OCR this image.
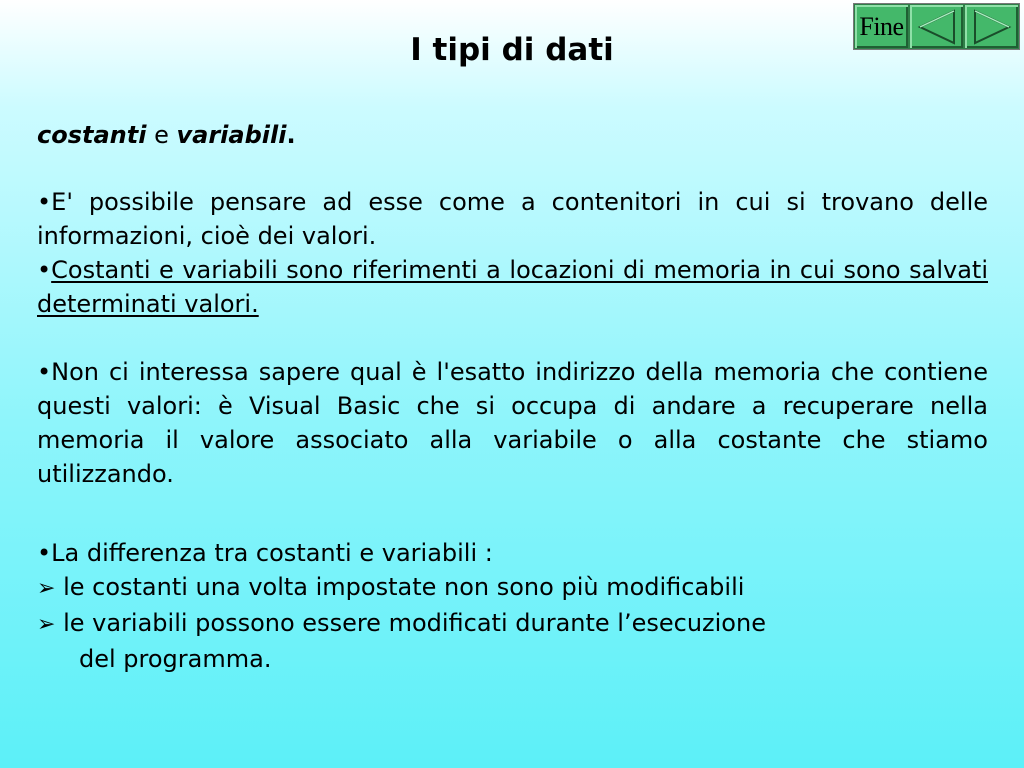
Fine
I tipi di dati

costanti e variabili.

•E' possibile pensare ad esse come a contenitori in cui si trovano delle informazioni, cioè dei valori.

•Costanti e variabili sono riferimenti a locazioni di memoria in cui sono salvati determinati valori.

•Non ci interessa sapere qual è l'esatto indirizzo della memoria che contiene questi valori: è Visual Basic che si occupa di andare a recuperare nella memoria il valore associato alla variabile o alla costante che stiamo utilizzando.

•La differenza tra costanti e variabili :
➢ le costanti una volta impostate non sono più modificabili
➢ le variabili possono essere modificati durante l’esecuzione
del programma.
